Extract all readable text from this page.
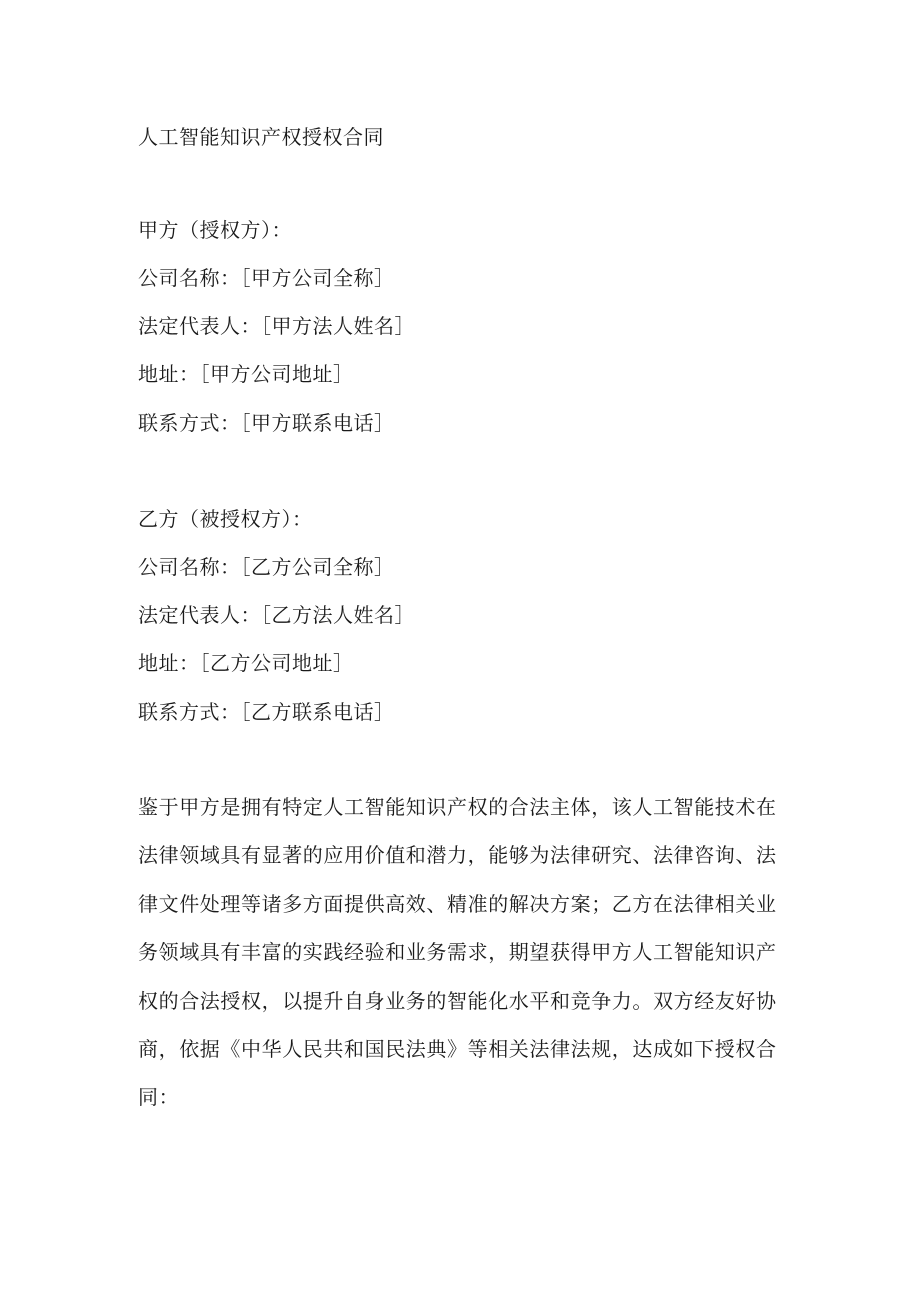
人工智能知识产权授权合同
甲方（授权方）：
公司名称：［甲方公司全称］
法定代表人：［甲方法人姓名］
地址：［甲方公司地址］
联系方式：［甲方联系电话］
乙方（被授权方）：
公司名称：［乙方公司全称］
法定代表人：［乙方法人姓名］
地址：［乙方公司地址］
联系方式：［乙方联系电话］
鉴于甲方是拥有特定人工智能知识产权的合法主体，该人工智能技术在
法律领域具有显著的应用价值和潜力，能够为法律研究、法律咨询、法
律文件处理等诸多方面提供高效、精准的解决方案；乙方在法律相关业
务领域具有丰富的实践经验和业务需求，期望获得甲方人工智能知识产
权的合法授权，以提升自身业务的智能化水平和竞争力。双方经友好协
商，依据《中华人民共和国民法典》等相关法律法规，达成如下授权合
同：
